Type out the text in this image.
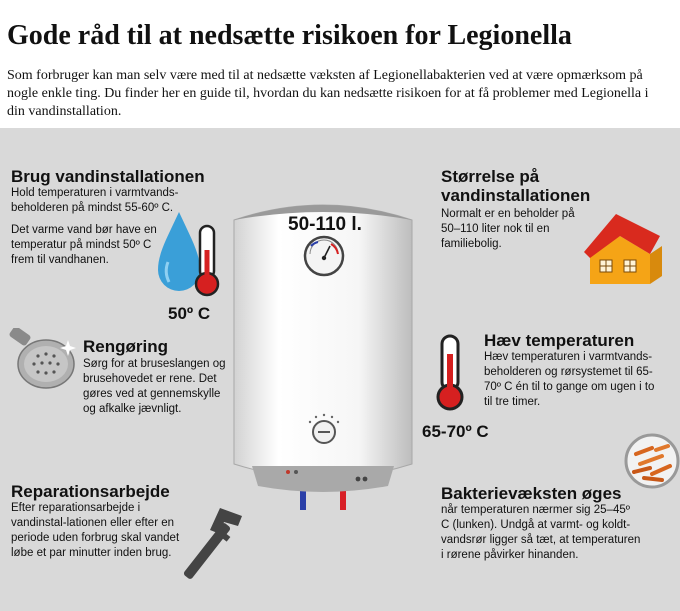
Gode råd til at nedsætte risikoen for Legionella

Som forbruger kan man selv være med til at nedsætte væksten af Legionellabakterien ved at være opmærksom på nogle enkle ting. Du finder her en guide til, hvordan du kan nedsætte risikoen for at få problemer med Legionella i din vandinstallation.

50-110 l.
Brug vandinstallationen
Hold temperaturen i varmtvands-beholderen på mindst 55-60º C.
Det varme vand bør have en temperatur på mindst 50º C frem til vandhanen.
50º C
Størrelse på vandinstallationen
Normalt er en beholder på 50–110 liter nok til en familiebolig.
Rengøring
Sørg for at bruseslangen og brusehovedet er rene. Det gøres ved at gennemskylle og afkalke jævnligt.
Hæv temperaturen
Hæv temperaturen i varmtvands-beholderen og rørsystemet til 65-70º C én til to gange om ugen i to til tre timer.
65-70º C
Reparationsarbejde
Efter reparationsarbejde i vandinstal-lationen eller efter en periode uden forbrug skal vandet løbe et par minutter inden brug.
Bakterievæksten øges
når temperaturen nærmer sig 25–45º C (lunken). Undgå at varmt- og koldt-vandsrør ligger så tæt, at temperaturen i rørene påvirker hinanden.
